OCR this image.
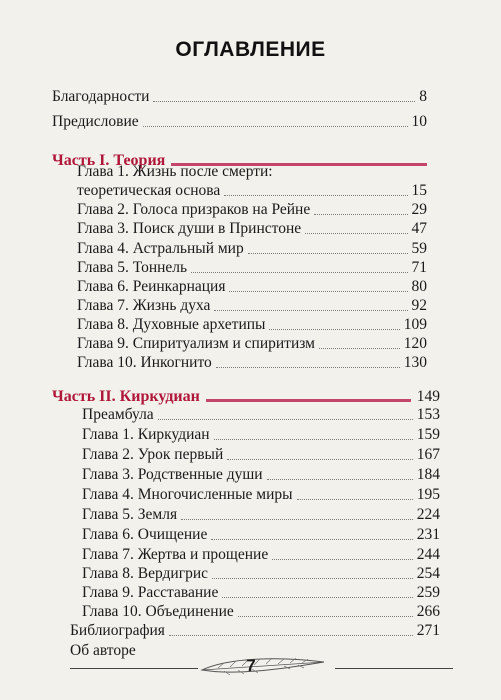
ОГЛАВЛЕНИЕ
Благодарности	8
Предисловие	10
Часть I. Теория
Глава 1. Жизнь после смерти:
теоретическая основа	15
Глава 2. Голоса призраков на Рейне	29
Глава 3. Поиск души в Принстоне	47
Глава 4. Астральный мир	59
Глава 5. Тоннель	71
Глава 6. Реинкарнация	80
Глава 7. Жизнь духа	92
Глава 8. Духовные архетипы	109
Глава 9. Спиритуализм и спиритизм	120
Глава 10. Инкогнито	130
Часть II. Киркудиан	149
Преамбула	153
Глава 1. Киркудиан	159
Глава 2. Урок первый	167
Глава 3. Родственные души	184
Глава 4. Многочисленные миры	195
Глава 5. Земля	224
Глава 6. Очищение	231
Глава 7. Жертва и прощение	244
Глава 8. Вердигрис	254
Глава 9. Расставание	259
Глава 10. Объединение	266
Библиография	271
Об авторе
7
